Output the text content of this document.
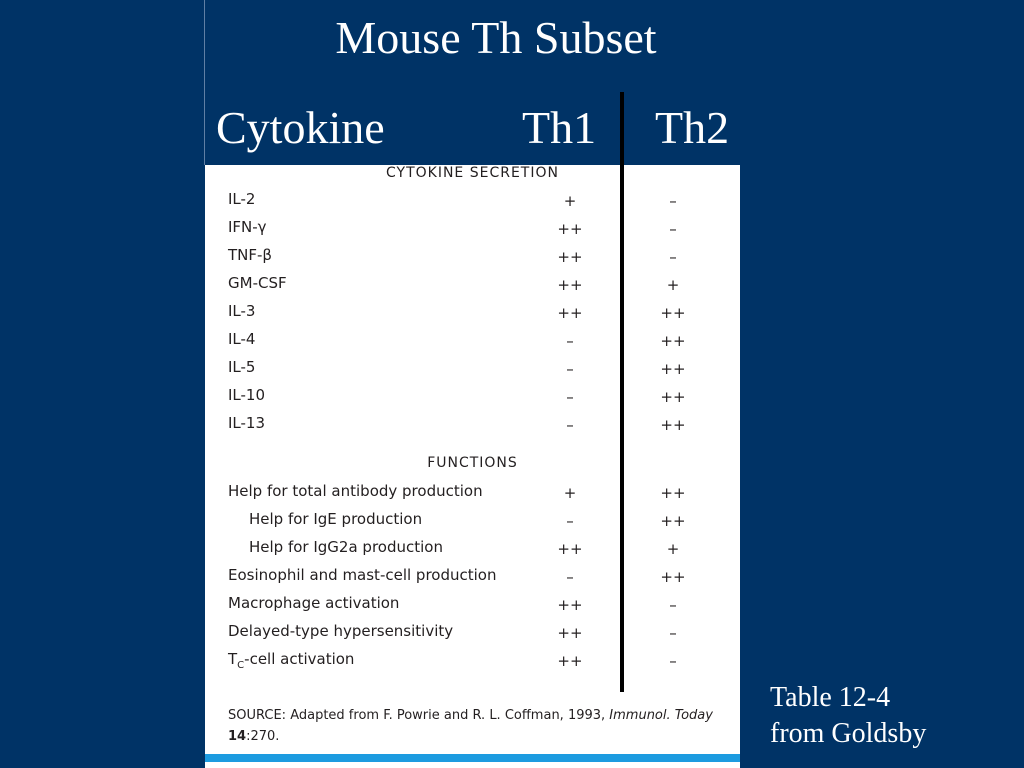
Mouse Th Subset
Cytokine	Th1 Th2
CYTOKINE SECRETION
IL-2	+	–
IFN-γ	++	–
TNF-β	++	–
GM-CSF	++	+
IL-3	++	++
IL-4	–	++
IL-5	–	++
IL-10	–	++
IL-13	–	++
FUNCTIONS
Help for total antibody production	+	++
Help for IgE production	–	++
Help for IgG2a production	++	+
Eosinophil and mast-cell production	–	++
Macrophage activation	++	–
Delayed-type hypersensitivity	++	–
$T_C$-cell activation	++	–
SOURCE: Adapted from F. Powrie and R. L. Coffman, 1993, Immunol. Today 14:270.
Table 12-4
from Goldsby
